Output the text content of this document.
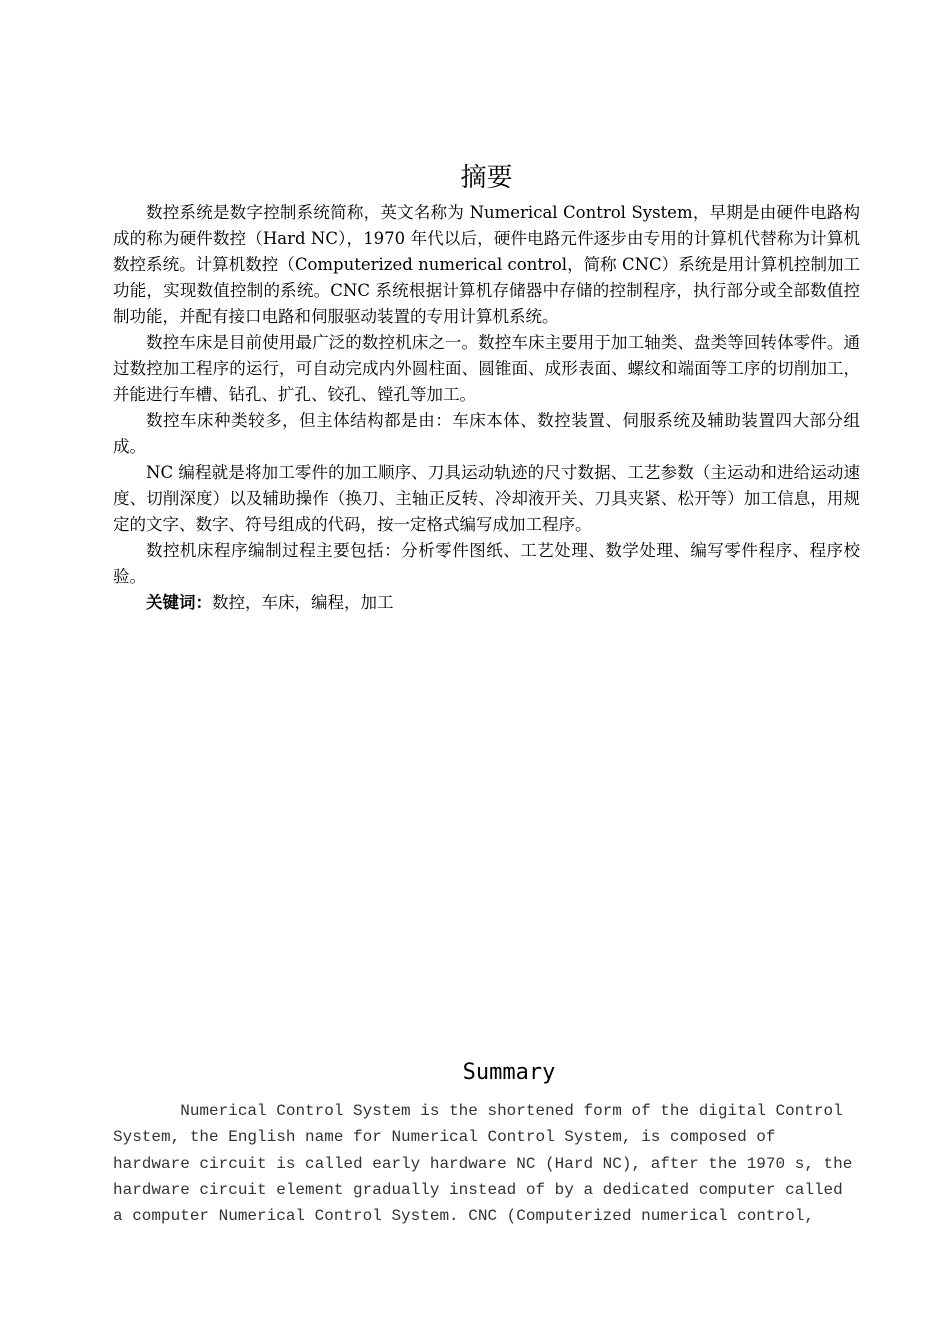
摘要

数控系统是数字控制系统简称，英文名称为 Numerical Control System，早期是由硬件电路构成的称为硬件数控（Hard NC），1970 年代以后，硬件电路元件逐步由专用的计算机代替称为计算机数控系统。计算机数控（Computerized numerical control，简称 CNC）系统是用计算机控制加工功能，实现数值控制的系统。CNC 系统根据计算机存储器中存储的控制程序，执行部分或全部数值控制功能，并配有接口电路和伺服驱动装置的专用计算机系统。

数控车床是目前使用最广泛的数控机床之一。数控车床主要用于加工轴类、盘类等回转体零件。通过数控加工程序的运行，可自动完成内外圆柱面、圆锥面、成形表面、螺纹和端面等工序的切削加工，并能进行车槽、钻孔、扩孔、铰孔、镗孔等加工。

数控车床种类较多，但主体结构都是由：车床本体、数控装置、伺服系统及辅助装置四大部分组成。

NC 编程就是将加工零件的加工顺序、刀具运动轨迹的尺寸数据、工艺参数（主运动和进给运动速度、切削深度）以及辅助操作（换刀、主轴正反转、冷却液开关、刀具夹紧、松开等）加工信息，用规定的文字、数字、符号组成的代码，按一定格式编写成加工程序。

数控机床程序编制过程主要包括：分析零件图纸、工艺处理、数学处理、编写零件程序、程序校验。

关键词：数控，车床，编程，加工

Summary

Numerical Control System is the shortened form of the digital Control
System, the English name for Numerical Control System, is composed of
hardware circuit is called early hardware NC (Hard NC), after the 1970 s, the
hardware circuit element gradually instead of by a dedicated computer called
a computer Numerical Control System. CNC (Computerized numerical control,
